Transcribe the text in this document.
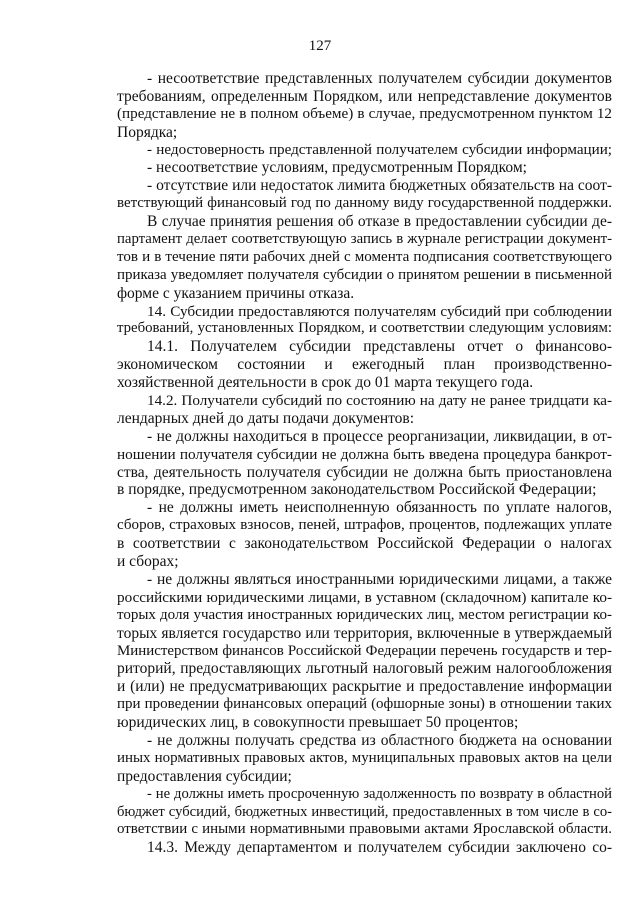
127
- несоответствие представленных получателем субсидии документов
требованиям, определенным Порядком, или непредставление документов
(представление не в полном объеме) в случае, предусмотренном пунктом 12
Порядка;
- недостоверность представленной получателем субсидии информации;
- несоответствие условиям, предусмотренным Порядком;
- отсутствие или недостаток лимита бюджетных обязательств на соот-
ветствующий финансовый год по данному виду государственной поддержки.
В случае принятия решения об отказе в предоставлении субсидии де-
партамент делает соответствующую запись в журнале регистрации документ-
тов и в течение пяти рабочих дней с момента подписания соответствующего
приказа уведомляет получателя субсидии о принятом решении в письменной
форме с указанием причины отказа.
14. Субсидии предоставляются получателям субсидий при соблюдении
требований, установленных Порядком, и соответствии следующим условиям:
14.1. Получателем субсидии представлены отчет о финансово-
экономическом состоянии и ежегодный план производственно-
хозяйственной деятельности в срок до 01 марта текущего года.
14.2. Получатели субсидий по состоянию на дату не ранее тридцати ка-
лендарных дней до даты подачи документов:
- не должны находиться в процессе реорганизации, ликвидации, в от-
ношении получателя субсидии не должна быть введена процедура банкрот-
ства, деятельность получателя субсидии не должна быть приостановлена
в порядке, предусмотренном законодательством Российской Федерации;
- не должны иметь неисполненную обязанность по уплате налогов,
сборов, страховых взносов, пеней, штрафов, процентов, подлежащих уплате
в соответствии с законодательством Российской Федерации о налогах
и сборах;
- не должны являться иностранными юридическими лицами, а также
российскими юридическими лицами, в уставном (складочном) капитале ко-
торых доля участия иностранных юридических лиц, местом регистрации ко-
торых является государство или территория, включенные в утверждаемый
Министерством финансов Российской Федерации перечень государств и тер-
риторий, предоставляющих льготный налоговый режим налогообложения
и (или) не предусматривающих раскрытие и предоставление информации
при проведении финансовых операций (офшорные зоны) в отношении таких
юридических лиц, в совокупности превышает 50 процентов;
- не должны получать средства из областного бюджета на основании
иных нормативных правовых актов, муниципальных правовых актов на цели
предоставления субсидии;
- не должны иметь просроченную задолженность по возврату в областной
бюджет субсидий, бюджетных инвестиций, предоставленных в том числе в со-
ответствии с иными нормативными правовыми актами Ярославской области.
14.3. Между департаментом и получателем субсидии заключено со-
